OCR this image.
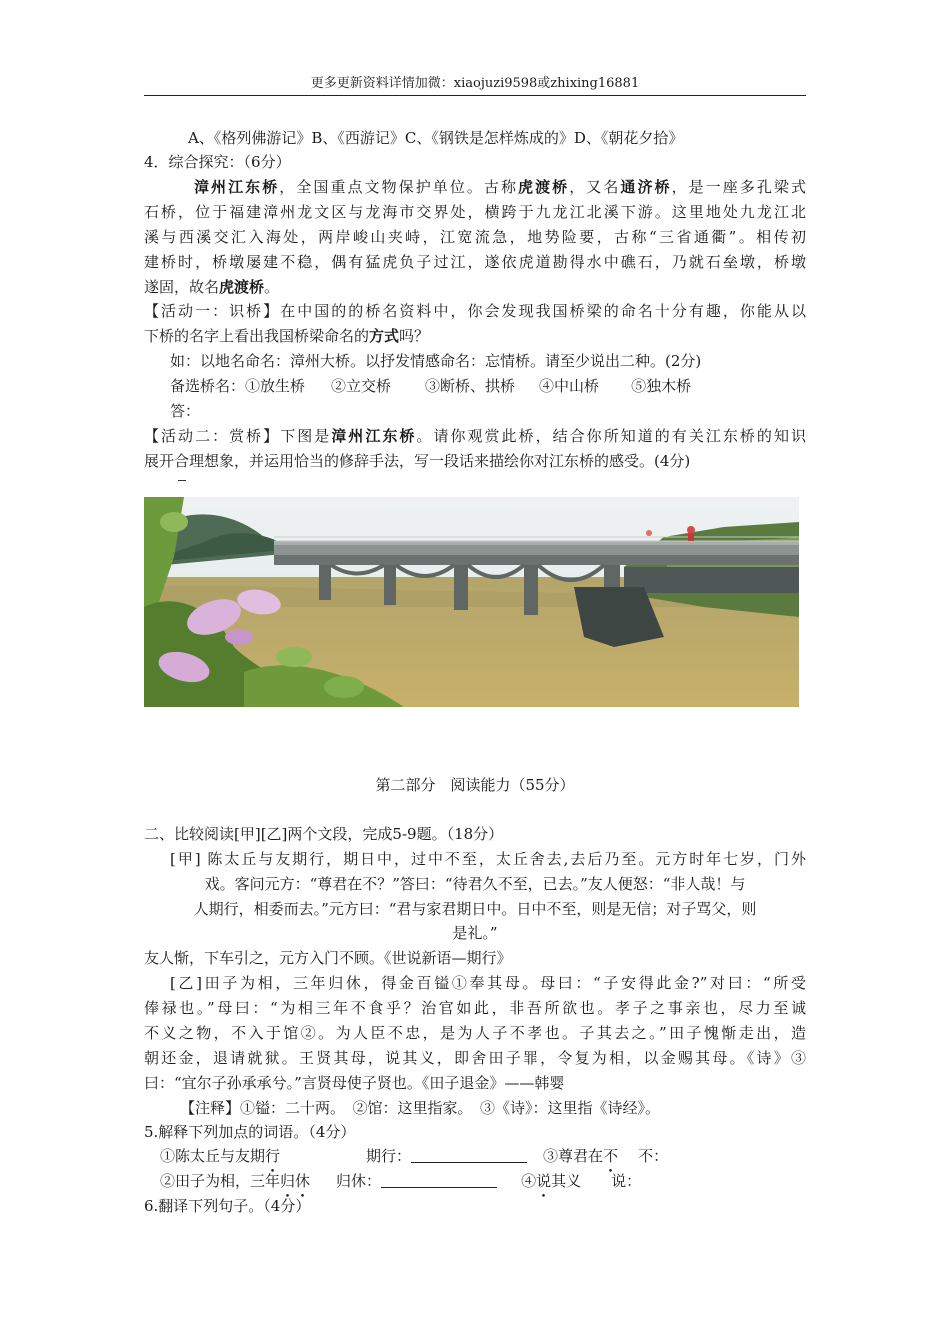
更多更新资料详情加微：xiaojuzi9598或zhixing16881
A、《格列佛游记》B、《西游记》C、《钢铁是怎样炼成的》D、《朝花夕拾》
4．综合探究：（6分）
漳州江东桥，全国重点文物保护单位。古称虎渡桥，又名通济桥，是一座多孔梁式
石桥，位于福建漳州龙文区与龙海市交界处，横跨于九龙江北溪下游。这里地处九龙江北
溪与西溪交汇入海处，两岸峻山夹峙，江宽流急，地势险要，古称“三省通衢”。相传初
建桥时，桥墩屡建不稳，偶有猛虎负子过江，遂依虎道勘得水中礁石，乃就石垒墩，桥墩
遂固，故名虎渡桥。
【活动一：识桥】在中国的的桥名资料中，你会发现我国桥梁的命名十分有趣，你能从以
下桥的名字上看出我国桥梁命名的方式吗？
如：以地名命名：漳州大桥。以抒发情感命名：忘情桥。请至少说出二种。(2分)
备选桥名：①放生桥 ②立交桥 ③断桥、拱桥 ④中山桥 ⑤独木桥
答：
【活动二：赏桥】下图是漳州江东桥。请你观赏此桥，结合你所知道的有关江东桥的知识
展开合理想象，并运用恰当的修辞手法，写一段话来描绘你对江东桥的感受。(4分)
第二部分　阅读能力（55分）
二、比较阅读[甲][乙]两个文段，完成5-9题。（18分）
[甲] 陈太丘与友期行，期日中，过中不至，太丘舍去,去后乃至。元方时年七岁，门外
戏。客问元方：“尊君在不？”答曰：“待君久不至，已去。”友人便怒：“非人哉！与
人期行，相委而去。”元方曰：“君与家君期日中。日中不至，则是无信；对子骂父，则
是礼。”
友人惭，下车引之，元方入门不顾。《世说新语—期行》
[乙]田子为相，三年归休，得金百镒①奉其母。母曰：“子安得此金?”对曰：“所受
俸禄也。”母曰：“为相三年不食乎？治官如此，非吾所欲也。孝子之事亲也，尽力至诚
不义之物，不入于馆②。为人臣不忠，是为人子不孝也。子其去之。”田子愧惭走出，造
朝还金，退请就狱。王贤其母，说其义，即舍田子罪，令复为相，以金赐其母。《诗》③
曰：“宜尔子孙承承兮。”言贤母使子贤也。《田子退金》——韩婴
【注释】①镒：二十两。　②馆：这里指家。　③《诗》：这里指《诗经》。
5.解释下列加点的词语。（4分）
①陈太丘与友期行	期行：	③尊君在不 不：
②田子为相，三年归休 归休：	④说其义 说：
6.翻译下列句子。（4分）
